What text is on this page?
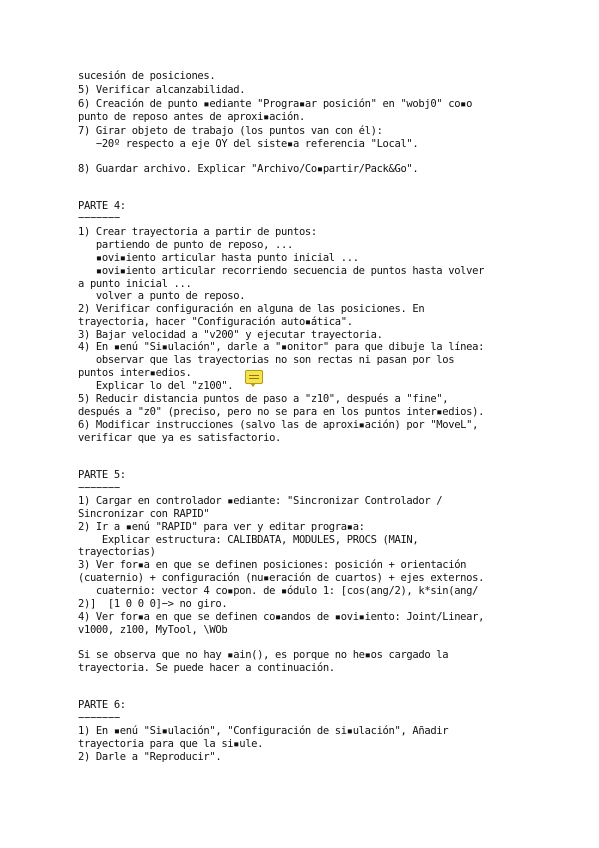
sucesión de posiciones.
5) Verificar alcanzabilidad.
6) Creación de punto ▪ediante "Progra▪ar posición" en "wobj0" co▪o
punto de reposo antes de aproxi▪ación.
7) Girar objeto de trabajo (los puntos van con él):
−20º respecto a eje OY del siste▪a referencia "Local".
8) Guardar archivo. Explicar "Archivo/Co▪partir/Pack&Go".
PARTE 4:
−−−−−−−
1) Crear trayectoria a partir de puntos:
partiendo de punto de reposo, ...
▪ovi▪iento articular hasta punto inicial ...
▪ovi▪iento articular recorriendo secuencia de puntos hasta volver
a punto inicial ...
volver a punto de reposo.
2) Verificar configuración en alguna de las posiciones. En
trayectoria, hacer "Configuración auto▪ática".
3) Bajar velocidad a "v200" y ejecutar trayectoria.
4) En ▪enú "Si▪ulación", darle a "▪onitor" para que dibuje la línea:
observar que las trayectorias no son rectas ni pasan por los
puntos inter▪edios.
Explicar lo del "z100".
5) Reducir distancia puntos de paso a "z10", después a "fine",
después a "z0" (preciso, pero no se para en los puntos inter▪edios).
6) Modificar instrucciones (salvo las de aproxi▪ación) por "MoveL",
verificar que ya es satisfactorio.
PARTE 5:
−−−−−−−
1) Cargar en controlador ▪ediante: "Sincronizar Controlador /
Sincronizar con RAPID"
2) Ir a ▪enú "RAPID" para ver y editar progra▪a:
Explicar estructura: CALIBDATA, MODULES, PROCS (MAIN,
trayectorias)
3) Ver for▪a en que se definen posiciones: posición + orientación
(cuaternio) + configuración (nu▪eración de cuartos) + ejes externos.
cuaternio: vector 4 co▪pon. de ▪ódulo 1: [cos(ang/2), k*sin(ang/
2)]  [1 0 0 0]−> no giro.
4) Ver for▪a en que se definen co▪andos de ▪ovi▪iento: Joint/Linear,
v1000, z100, MyTool, \WOb
Si se observa que no hay ▪ain(), es porque no he▪os cargado la
trayectoria. Se puede hacer a continuación.
PARTE 6:
−−−−−−−
1) En ▪enú "Si▪ulación", "Configuración de si▪ulación", Añadir
trayectoria para que la si▪ule.
2) Darle a "Reproducir".
